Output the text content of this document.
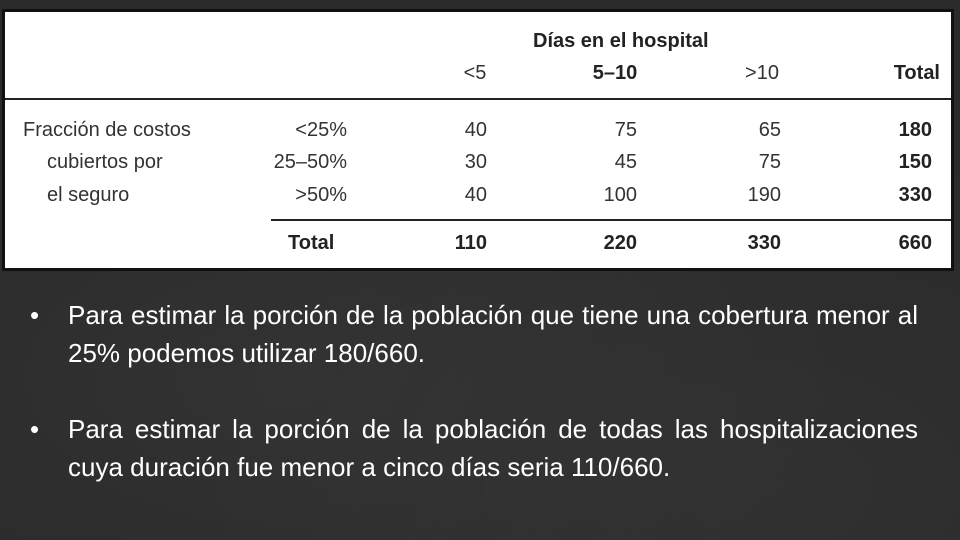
Días en el hospital
<5	5–10	>10	Total
Fracción de costos
cubiertos por
el seguro
<25%	40	75	65	180
25–50%	30	45	75	150
>50%	40	100	190	330
Total	110	220	330	660
•	Para estimar la porción de la población que tiene una cobertura menor al 25% podemos utilizar 180/660.
•	Para estimar la porción de la población de todas las hospitalizaciones cuya duración fue menor a cinco días seria 110/660.
